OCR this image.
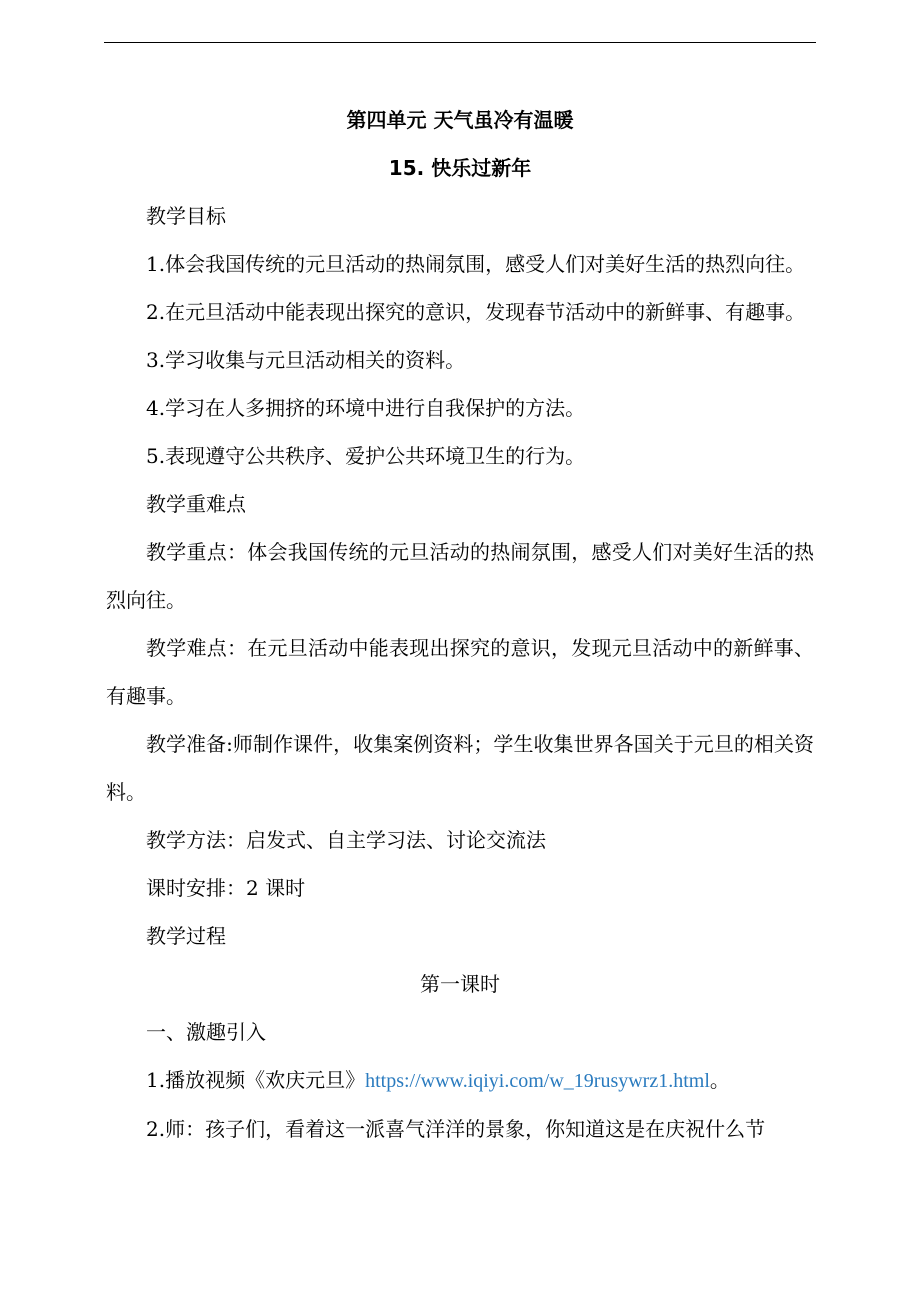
第四单元 天气虽冷有温暖

15. 快乐过新年

教学目标

1.体会我国传统的元旦活动的热闹氛围，感受人们对美好生活的热烈向往。

2.在元旦活动中能表现出探究的意识，发现春节活动中的新鲜事、有趣事。

3.学习收集与元旦活动相关的资料。

4.学习在人多拥挤的环境中进行自我保护的方法。

5.表现遵守公共秩序、爱护公共环境卫生的行为。

教学重难点

教学重点：体会我国传统的元旦活动的热闹氛围，感受人们对美好生活的热烈向往。

教学难点：在元旦活动中能表现出探究的意识，发现元旦活动中的新鲜事、有趣事。

教学准备:师制作课件，收集案例资料；学生收集世界各国关于元旦的相关资料。

教学方法：启发式、自主学习法、讨论交流法

课时安排：2 课时

教学过程

第一课时

一、激趣引入

1.播放视频《欢庆元旦》https://www.iqiyi.com/w_19rusywrz1.html。

2.师：孩子们，看着这一派喜气洋洋的景象，你知道这是在庆祝什么节
